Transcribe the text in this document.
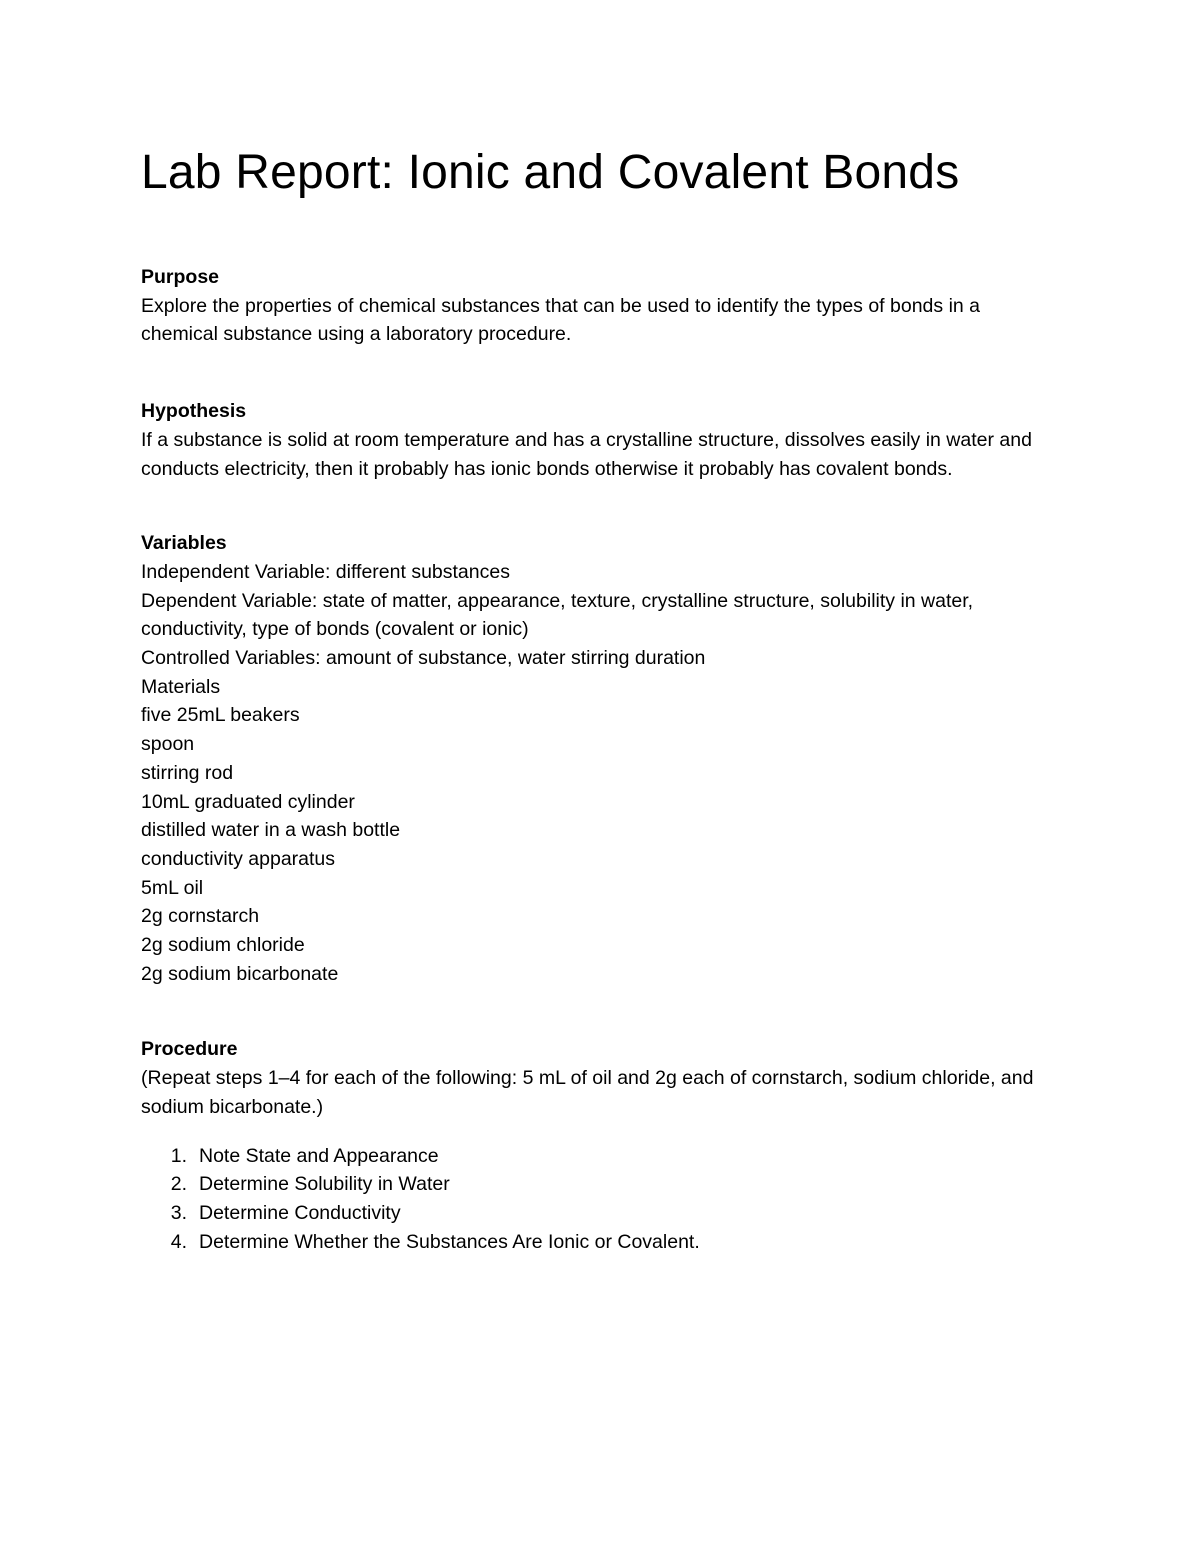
Lab Report: Ionic and Covalent Bonds

Purpose

Explore the properties of chemical substances that can be used to identify the types of bonds in a chemical substance using a laboratory procedure.

Hypothesis

If a substance is solid at room temperature and has a crystalline structure, dissolves easily in water and conducts electricity, then it probably has ionic bonds otherwise it probably has covalent bonds.

Variables

Independent Variable: different substances

Dependent Variable: state of matter, appearance, texture, crystalline structure, solubility in water, conductivity, type of bonds (covalent or ionic)

Controlled Variables: amount of substance, water stirring duration

Materials

five 25mL beakers
spoon
stirring rod
10mL graduated cylinder
distilled water in a wash bottle
conductivity apparatus
5mL oil
2g cornstarch
2g sodium chloride
2g sodium bicarbonate

Procedure

(Repeat steps 1–4 for each of the following: 5 mL of oil and 2g each of cornstarch, sodium chloride, and sodium bicarbonate.)

1. Note State and Appearance
2. Determine Solubility in Water
3. Determine Conductivity
4. Determine Whether the Substances Are Ionic or Covalent.
